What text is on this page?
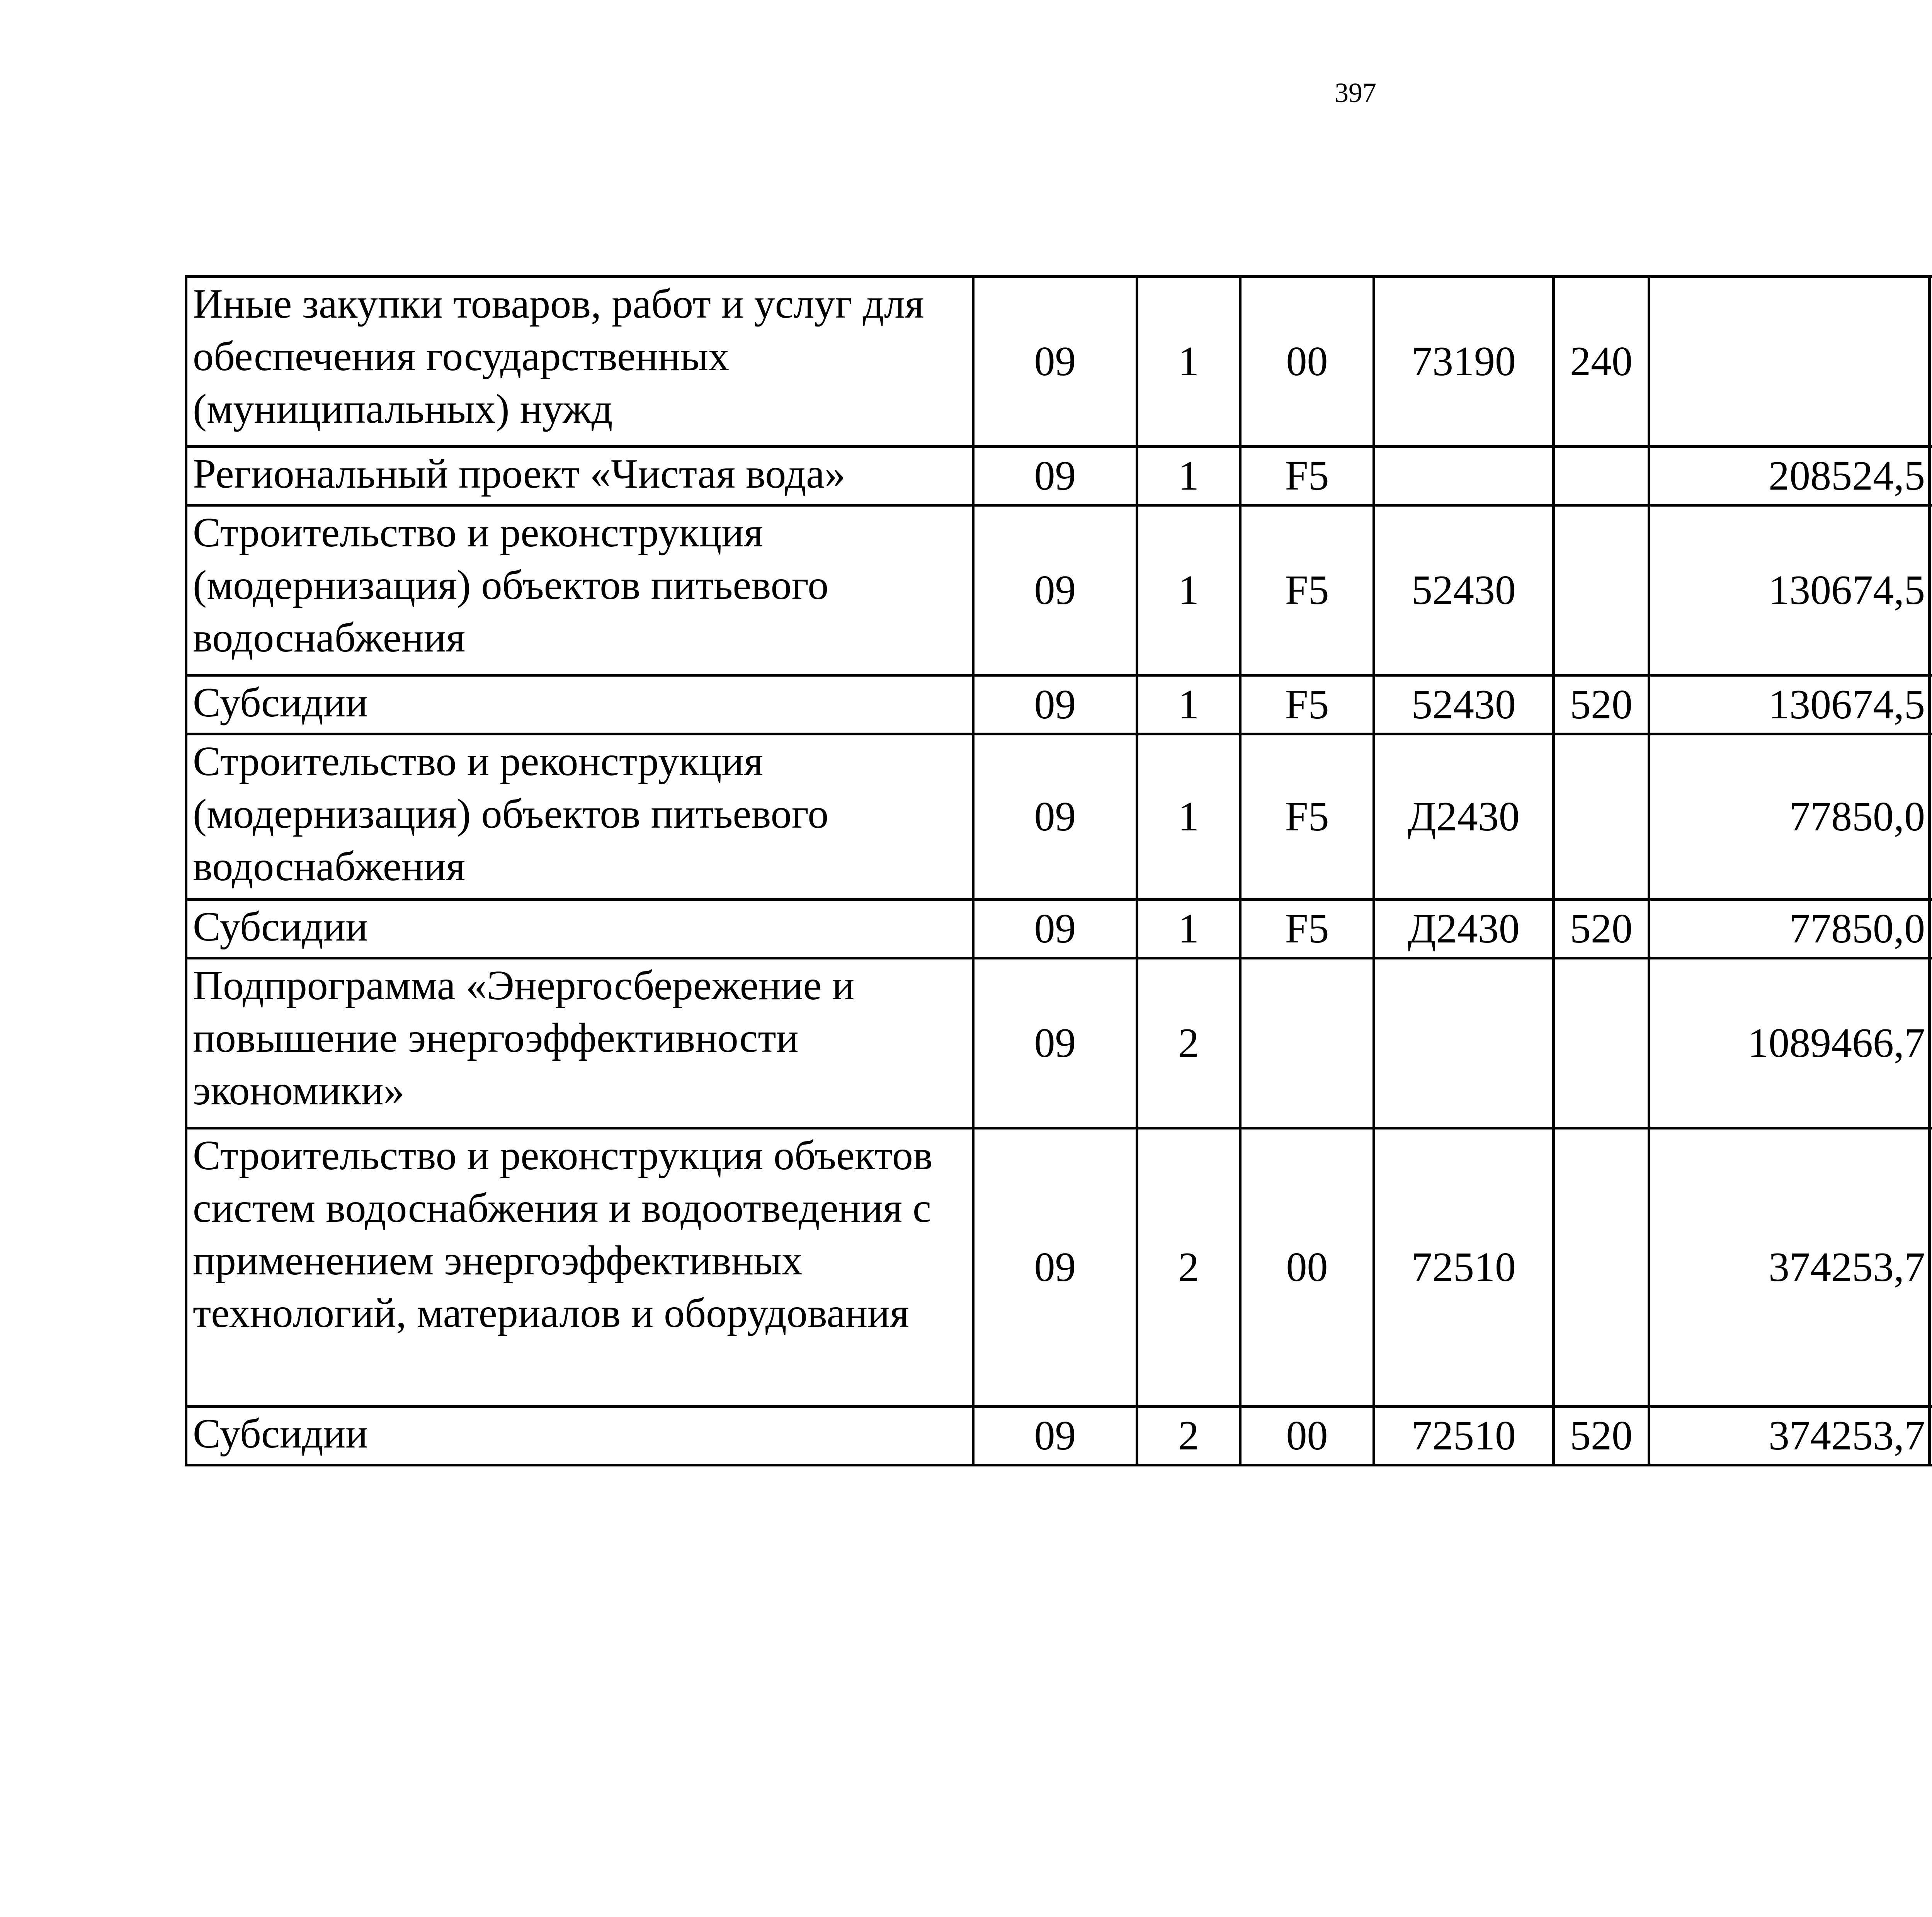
397
Иные закупки товаров, работ и услуг для обеспечения государственных (муниципальных) нужд	09	1	00	73190	240			
Региональный проект «Чистая вода»	09	1	F5			208524,5		
Строительство и реконструкция (модернизация) объектов питьевого водоснабжения	09	1	F5	52430		130674,5		
Субсидии	09	1	F5	52430	520	130674,5		
Строительство и реконструкция (модернизация) объектов питьевого водоснабжения	09	1	F5	Д2430		77850,0		
Субсидии	09	1	F5	Д2430	520	77850,0		
Подпрограмма «Энергосбережение и повышение энергоэффективности экономики»	09	2				1089466,7		
Строительство и реконструкция объектов систем водоснабжения и водоотведения с применением энергоэффективных технологий, материалов и оборудования	09	2	00	72510		374253,7		
Субсидии	09	2	00	72510	520	374253,7		
